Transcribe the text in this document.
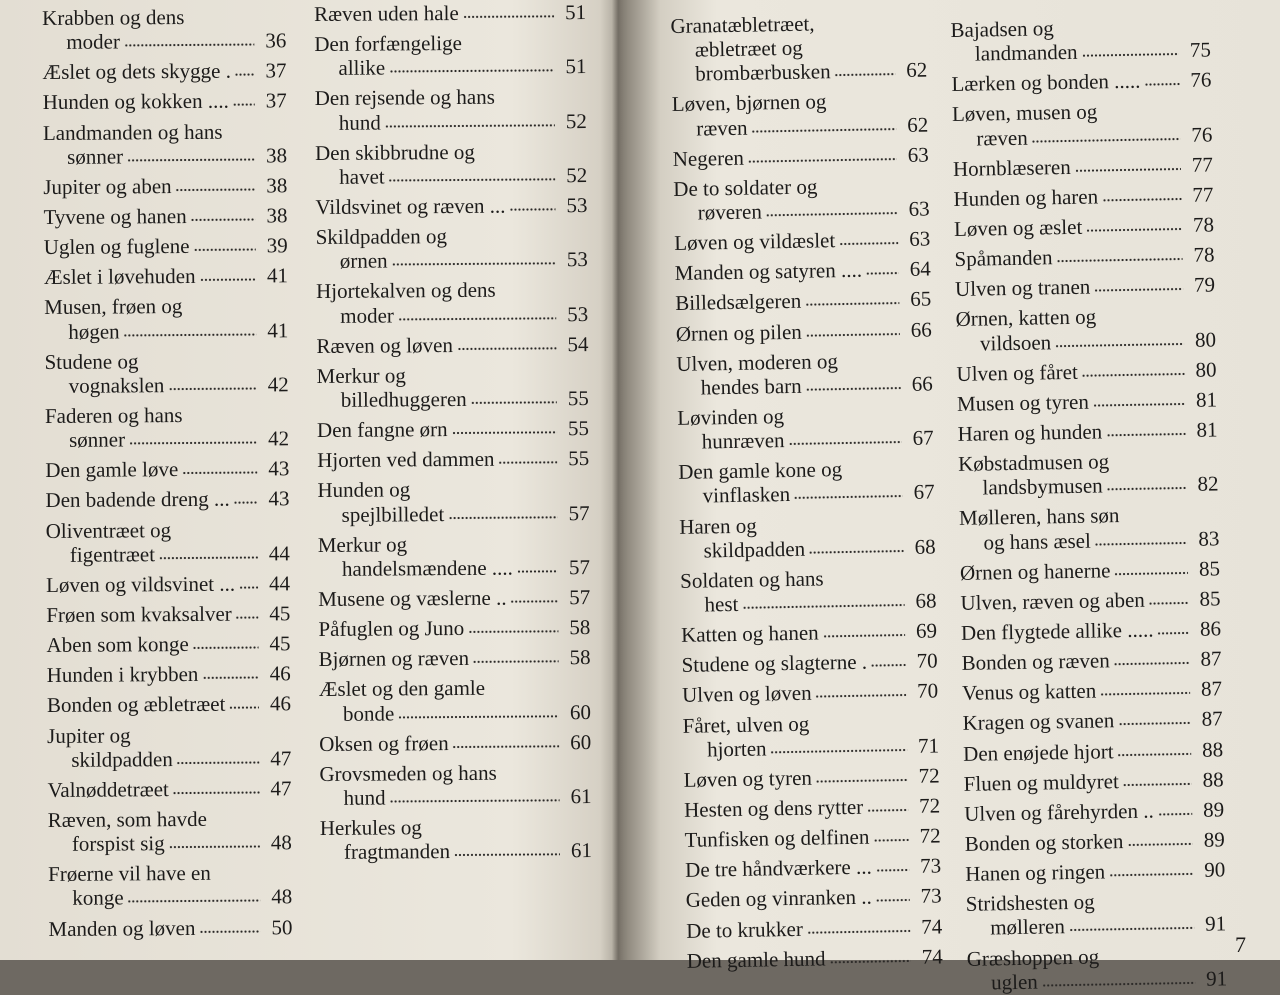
Krabben og dens
moder	36
Æslet og dets skygge .	37
Hunden og kokken ....	37
Landmanden og hans
sønner	38
Jupiter og aben	38
Tyvene og hanen	38
Uglen og fuglene	39
Æslet i løvehuden	41
Musen, frøen og
høgen	41
Studene og
vognakslen	42
Faderen og hans
sønner	42
Den gamle løve	43
Den badende dreng ...	43
Oliventræet og
figentræet	44
Løven og vildsvinet ...	44
Frøen som kvaksalver	45
Aben som konge	45
Hunden i krybben	46
Bonden og æbletræet	46
Jupiter og
skildpadden	47
Valnøddetræet	47
Ræven, som havde
forspist sig	48
Frøerne vil have en
konge	48
Manden og løven	50
Ræven uden hale	51
Den forfængelige
allike	51
Den rejsende og hans
hund	52
Den skibbrudne og
havet	52
Vildsvinet og ræven ...	53
Skildpadden og
ørnen	53
Hjortekalven og dens
moder	53
Ræven og løven	54
Merkur og
billedhuggeren	55
Den fangne ørn	55
Hjorten ved dammen	55
Hunden og
spejlbilledet	57
Merkur og
handelsmændene ....	57
Musene og væslerne ..	57
Påfuglen og Juno	58
Bjørnen og ræven	58
Æslet og den gamle
bonde	60
Oksen og frøen	60
Grovsmeden og hans
hund	61
Herkules og
fragtmanden	61
Granatæbletræet,
æbletræet og
brombærbusken	62
Løven, bjørnen og
ræven	62
Negeren	63
De to soldater og
røveren	63
Løven og vildæslet	63
Manden og satyren ....	64
Billedsælgeren	65
Ørnen og pilen	66
Ulven, moderen og
hendes barn	66
Løvinden og
hunræven	67
Den gamle kone og
vinflasken	67
Haren og
skildpadden	68
Soldaten og hans
hest	68
Katten og hanen	69
Studene og slagterne .	70
Ulven og løven	70
Fåret, ulven og
hjorten	71
Løven og tyren	72
Hesten og dens rytter	72
Tunfisken og delfinen	72
De tre håndværkere ...	73
Geden og vinranken ..	73
De to krukker	74
Den gamle hund	74
Bajadsen og
landmanden	75
Lærken og bonden .....	76
Løven, musen og
ræven	76
Hornblæseren	77
Hunden og haren	77
Løven og æslet	78
Spåmanden	78
Ulven og tranen	79
Ørnen, katten og
vildsoen	80
Ulven og fåret	80
Musen og tyren	81
Haren og hunden	81
Købstadmusen og
landsbymusen	82
Mølleren, hans søn
og hans æsel	83
Ørnen og hanerne	85
Ulven, ræven og aben	85
Den flygtede allike .....	86
Bonden og ræven	87
Venus og katten	87
Kragen og svanen	87
Den enøjede hjort	88
Fluen og muldyret	88
Ulven og fårehyrden ..	89
Bonden og storken	89
Hanen og ringen	90
Stridshesten og
mølleren	91
Græshoppen og
uglen	91
7
